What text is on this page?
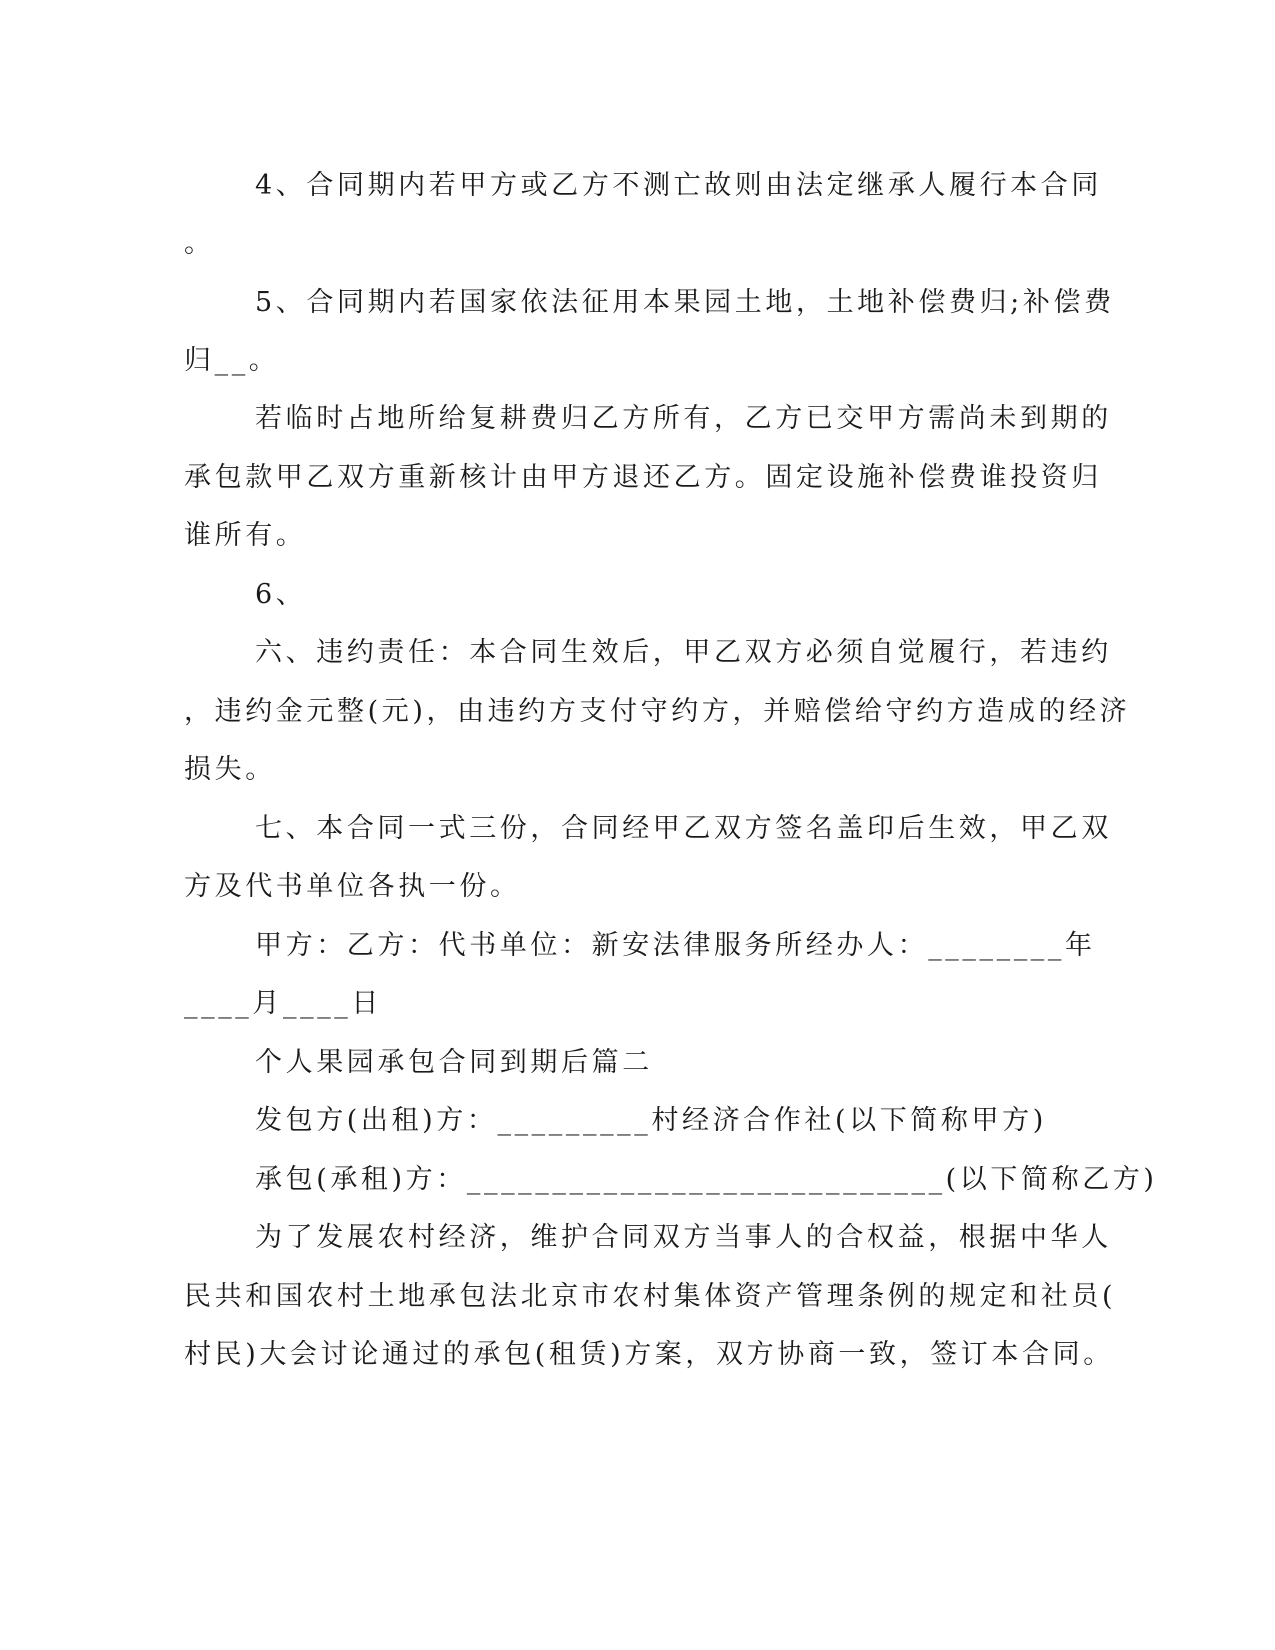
4、合同期内若甲方或乙方不测亡故则由法定继承人履行本合同
。
5、合同期内若国家依法征用本果园土地，土地补偿费归;补偿费
归__。
若临时占地所给复耕费归乙方所有，乙方已交甲方需尚未到期的
承包款甲乙双方重新核计由甲方退还乙方。固定设施补偿费谁投资归
谁所有。
6、
六、违约责任：本合同生效后，甲乙双方必须自觉履行，若违约
，违约金元整(元)，由违约方支付守约方，并赔偿给守约方造成的经济
损失。
七、本合同一式三份，合同经甲乙双方签名盖印后生效，甲乙双
方及代书单位各执一份。
甲方：乙方：代书单位：新安法律服务所经办人：________年
____月____日
个人果园承包合同到期后篇二
发包方(出租)方：_________村经济合作社(以下简称甲方)
承包(承租)方：____________________________(以下简称乙方)
为了发展农村经济，维护合同双方当事人的合权益，根据中华人
民共和国农村土地承包法北京市农村集体资产管理条例的规定和社员(
村民)大会讨论通过的承包(租赁)方案，双方协商一致，签订本合同。
